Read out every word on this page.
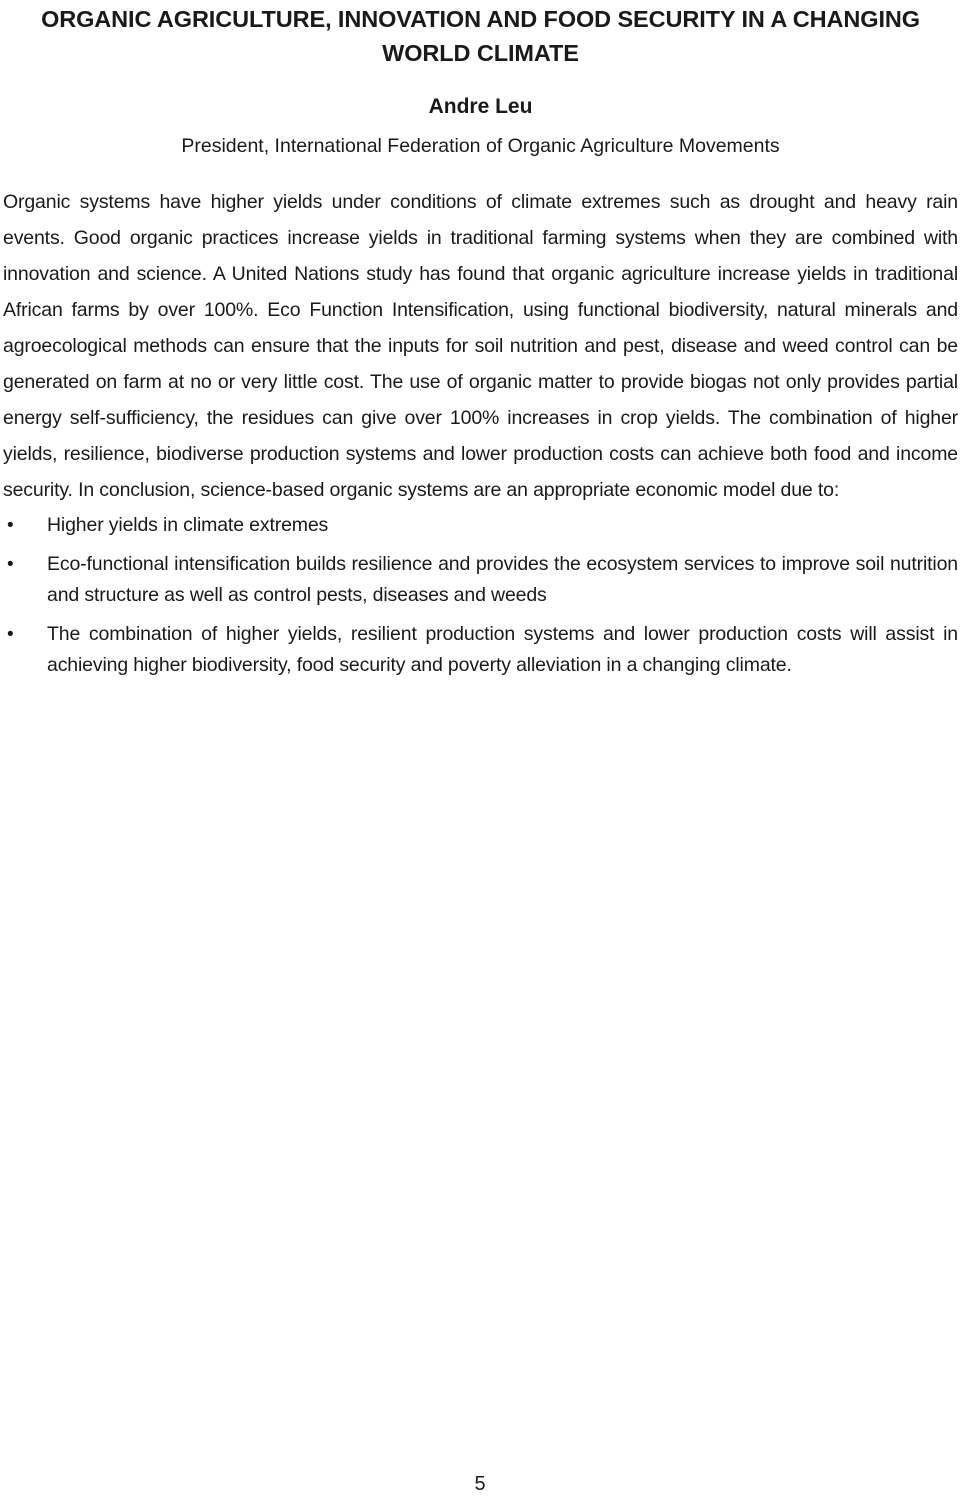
ORGANIC AGRICULTURE, INNOVATION AND FOOD SECURITY IN A CHANGING WORLD CLIMATE
Andre Leu
President, International Federation of Organic Agriculture Movements

Organic systems have higher yields under conditions of climate extremes such as drought and heavy rain events. Good organic practices increase yields in traditional farming systems when they are combined with innovation and science. A United Nations study has found that organic agriculture increase yields in traditional African farms by over 100%. Eco Function Intensification, using functional biodiversity, natural minerals and agroecological methods can ensure that the inputs for soil nutrition and pest, disease and weed control can be generated on farm at no or very little cost. The use of organic matter to provide biogas not only provides partial energy self-sufficiency, the residues can give over 100% increases in crop yields. The combination of higher yields, resilience, biodiverse production systems and lower production costs can achieve both food and income security. In conclusion, science-based organic systems are an appropriate economic model due to:

• Higher yields in climate extremes
• Eco-functional intensification builds resilience and provides the ecosystem services to improve soil nutrition and structure as well as control pests, diseases and weeds
• The combination of higher yields, resilient production systems and lower production costs will assist in achieving higher biodiversity, food security and poverty alleviation in a changing climate.
5
